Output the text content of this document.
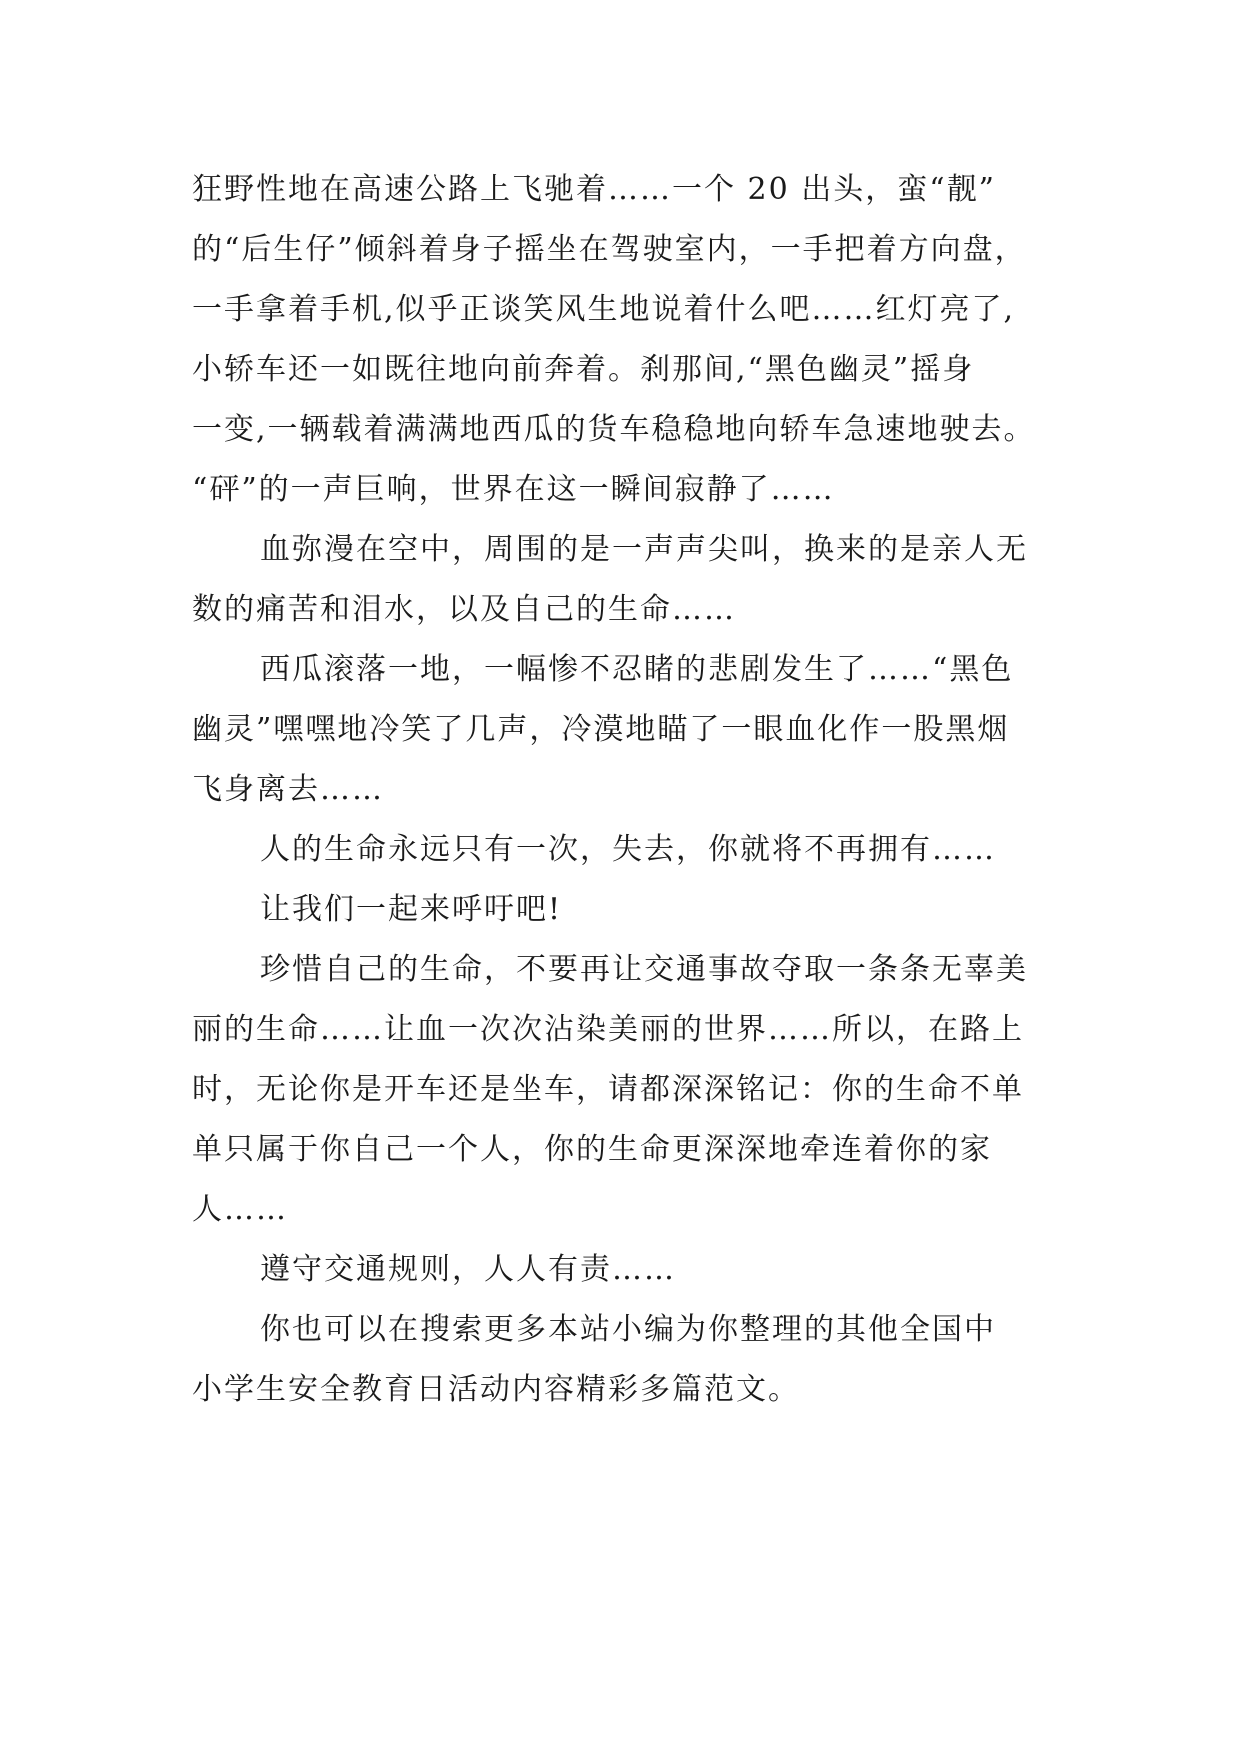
狂野性地在高速公路上飞驰着……一个 20 出头，蛮“靓”
的“后生仔”倾斜着身子摇坐在驾驶室内，一手把着方向盘，
一手拿着手机,似乎正谈笑风生地说着什么吧……红灯亮了,
小轿车还一如既往地向前奔着。刹那间,“黑色幽灵”摇身
一变,一辆载着满满地西瓜的货车稳稳地向轿车急速地驶去。
“砰”的一声巨响，世界在这一瞬间寂静了……
血弥漫在空中，周围的是一声声尖叫，换来的是亲人无
数的痛苦和泪水，以及自己的生命……
西瓜滚落一地，一幅惨不忍睹的悲剧发生了……“黑色
幽灵”嘿嘿地冷笑了几声，冷漠地瞄了一眼血化作一股黑烟
飞身离去……
人的生命永远只有一次，失去，你就将不再拥有……
让我们一起来呼吁吧!
珍惜自己的生命，不要再让交通事故夺取一条条无辜美
丽的生命……让血一次次沾染美丽的世界……所以，在路上
时，无论你是开车还是坐车，请都深深铭记：你的生命不单
单只属于你自己一个人，你的生命更深深地牵连着你的家
人……
遵守交通规则，人人有责……
你也可以在搜索更多本站小编为你整理的其他全国中
小学生安全教育日活动内容精彩多篇范文。
